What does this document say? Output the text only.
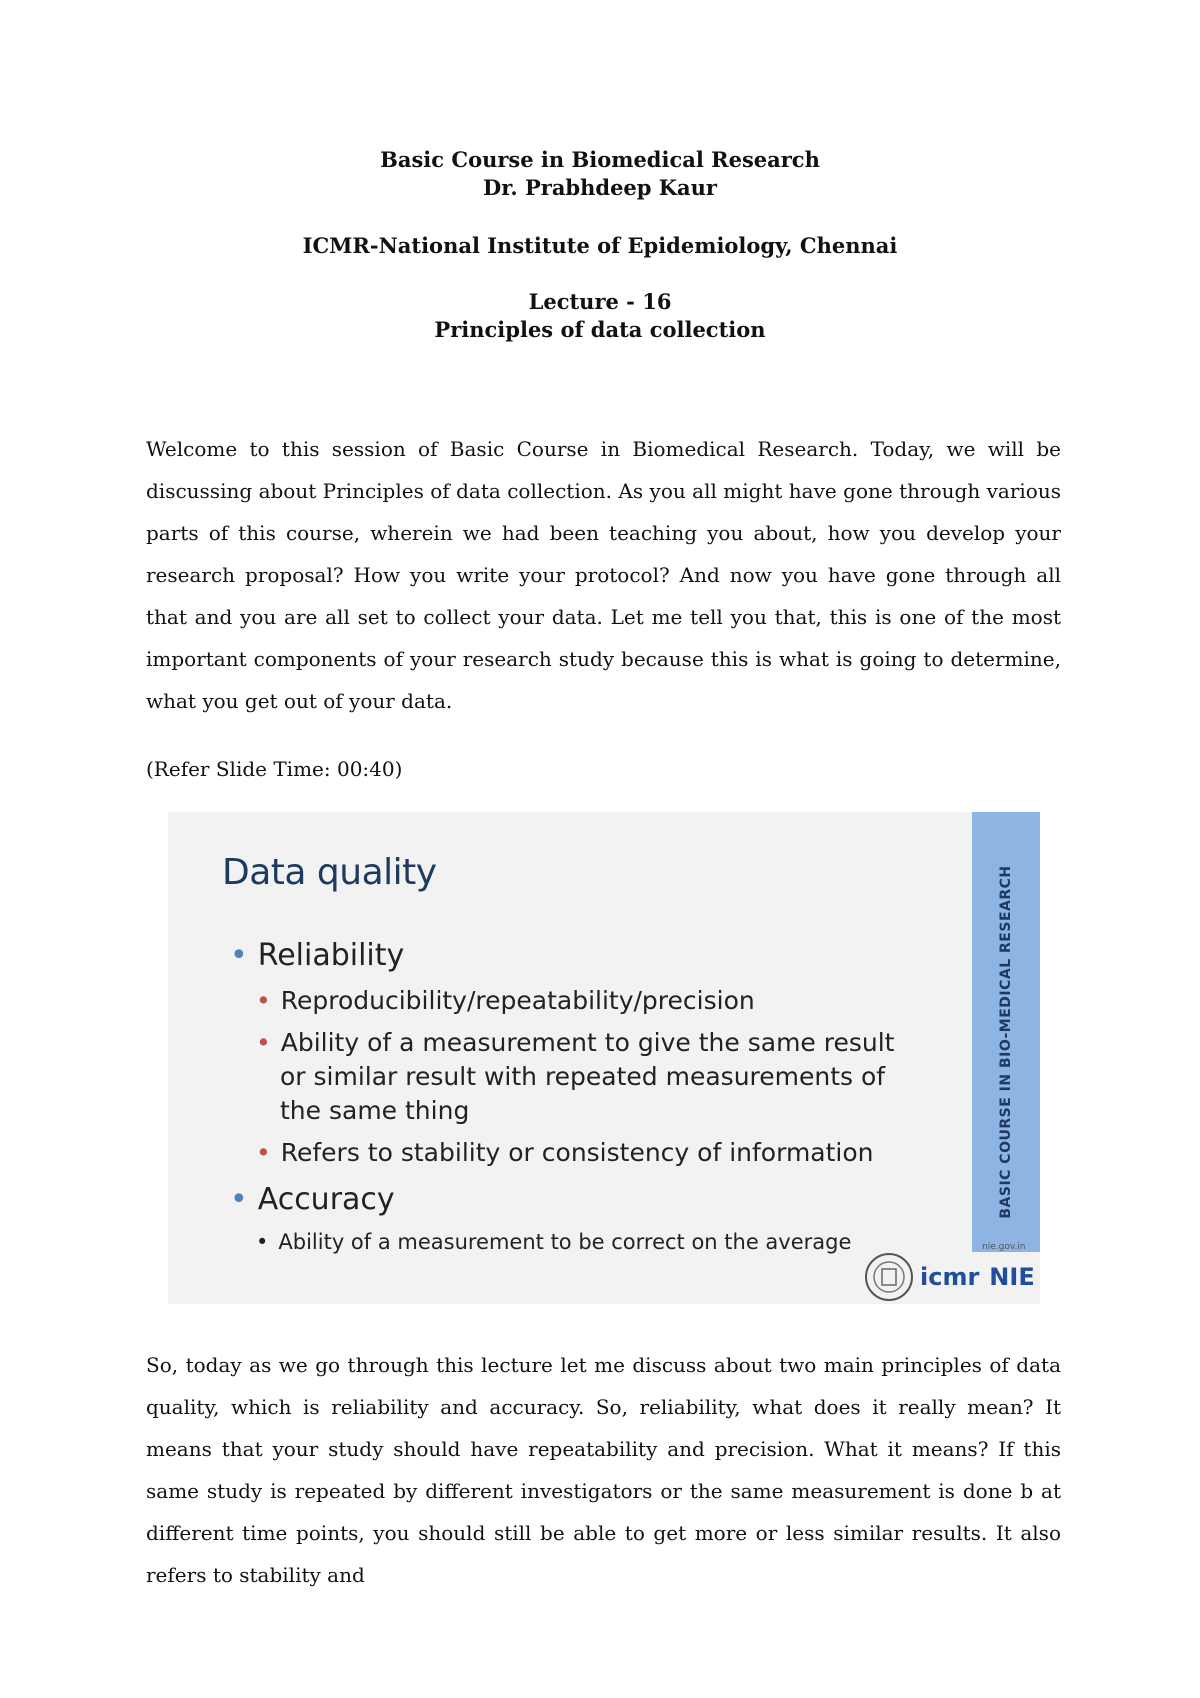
Basic Course in Biomedical Research
Dr. Prabhdeep Kaur
ICMR-National Institute of Epidemiology, Chennai
Lecture - 16
Principles of data collection

Welcome to this session of Basic Course in Biomedical Research. Today, we will be discussing about Principles of data collection. As you all might have gone through various parts of this course, wherein we had been teaching you about, how you develop your research proposal? How you write your protocol? And now you have gone through all that and you are all set to collect your data. Let me tell you that, this is one of the most important components of your research study because this is what is going to determine, what you get out of your data.

(Refer Slide Time: 00:40)
Data quality
• Reliability
• Reproducibility/repeatability/precision
• Ability of a measurement to give the same result
or similar result with repeated measurements of
the same thing
• Refers to stability or consistency of information
• Accuracy
• Ability of a measurement to be correct on the average
BASIC COURSE IN BIO-MEDICAL RESEARCH
nie.gov.in
icmr NIE

So, today as we go through this lecture let me discuss about two main principles of data quality, which is reliability and accuracy. So, reliability, what does it really mean? It means that your study should have repeatability and precision. What it means? If this same study is repeated by different investigators or the same measurement is done b at different time points, you should still be able to get more or less similar results. It also refers to stability and
